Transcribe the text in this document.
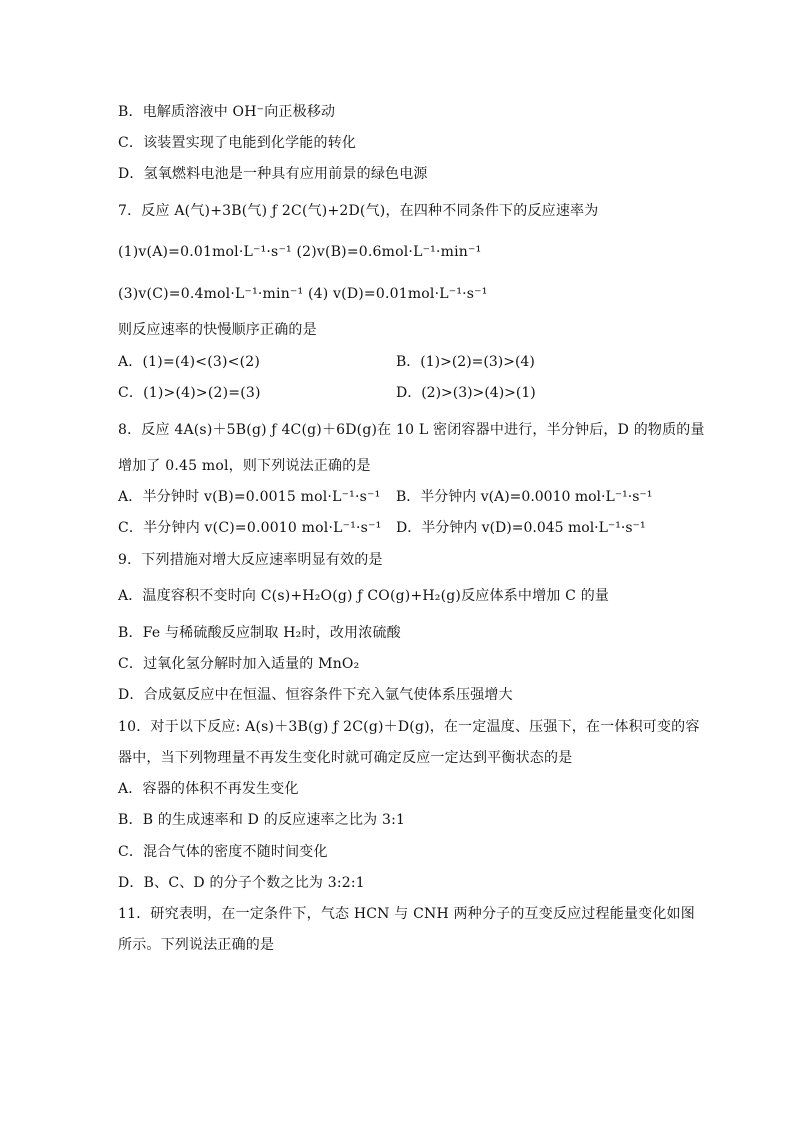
B．电解质溶液中 OH⁻向正极移动
C．该装置实现了电能到化学能的转化
D．氢氧燃料电池是一种具有应用前景的绿色电源
7．反应 A(气)+3B(气) ƒ 2C(气)+2D(气)，在四种不同条件下的反应速率为
(1)v(A)=0.01mol·L⁻¹·s⁻¹ (2)v(B)=0.6mol·L⁻¹·min⁻¹
(3)v(C)=0.4mol·L⁻¹·min⁻¹ (4) v(D)=0.01mol·L⁻¹·s⁻¹
则反应速率的快慢顺序正确的是
A．(1)=(4)<(3)<(2)	B．(1)>(2)=(3)>(4)
C．(1)>(4)>(2)=(3)	D．(2)>(3)>(4)>(1)
8．反应 4A(s)＋5B(g) ƒ 4C(g)＋6D(g)在 10 L 密闭容器中进行，半分钟后，D 的物质的量
增加了 0.45 mol，则下列说法正确的是
A．半分钟时 v(B)=0.0015 mol·L⁻¹·s⁻¹ B．半分钟内 v(A)=0.0010 mol·L⁻¹·s⁻¹
C．半分钟内 v(C)=0.0010 mol·L⁻¹·s⁻¹ D．半分钟内 v(D)=0.045 mol·L⁻¹·s⁻¹
9．下列措施对增大反应速率明显有效的是
A．温度容积不变时向 C(s)+H₂O(g) ƒ CO(g)+H₂(g)反应体系中增加 C 的量
B．Fe 与稀硫酸反应制取 H₂时，改用浓硫酸
C．过氧化氢分解时加入适量的 MnO₂
D．合成氨反应中在恒温、恒容条件下充入氩气使体系压强增大
10．对于以下反应: A(s)＋3B(g) ƒ 2C(g)＋D(g)，在一定温度、压强下，在一体积可变的容
器中，当下列物理量不再发生变化时就可确定反应一定达到平衡状态的是
A．容器的体积不再发生变化
B．B 的生成速率和 D 的反应速率之比为 3:1
C．混合气体的密度不随时间变化
D．B、C、D 的分子个数之比为 3:2:1
11．研究表明，在一定条件下，气态 HCN 与 CNH 两种分子的互变反应过程能量变化如图
所示。下列说法正确的是
